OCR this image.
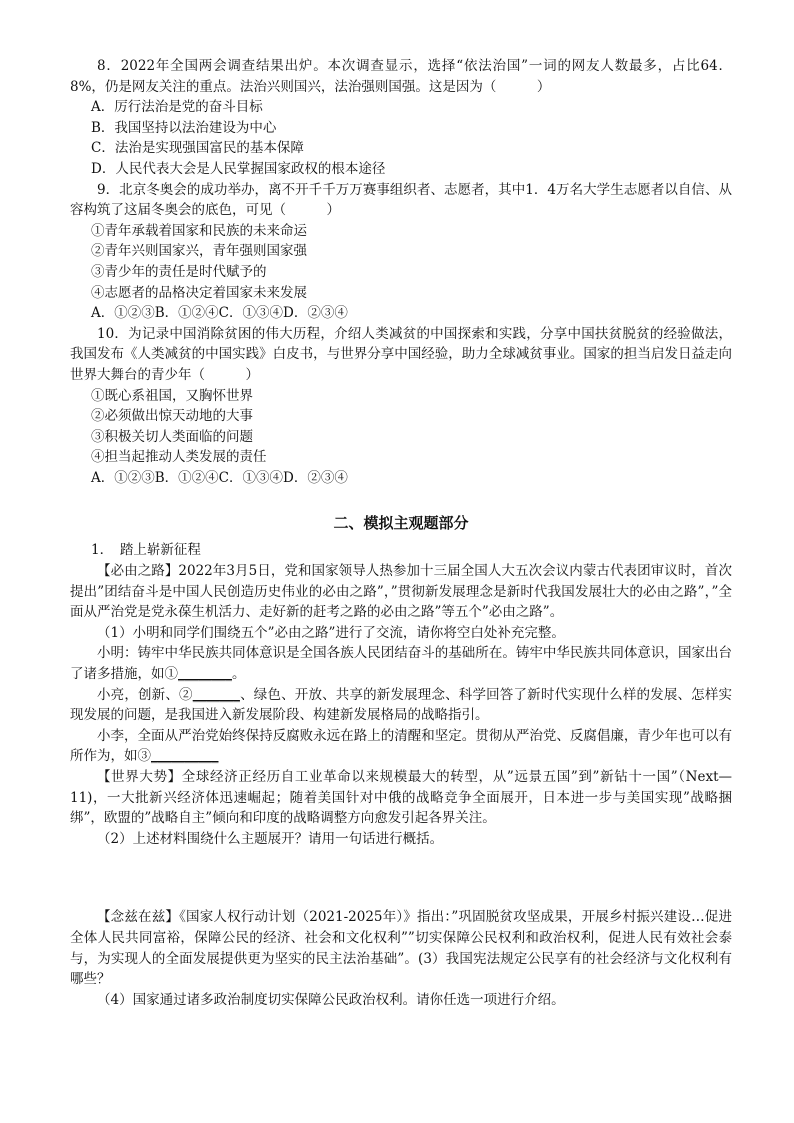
8．2022年全国两会调查结果出炉。本次调查显示，选择“依法治国”一词的网友人数最多，占比64．8%，仍是网友关注的重点。法治兴则国兴，法治强则国强。这是因为（　　　）

A．厉行法治是党的奋斗目标

B．我国坚持以法治建设为中心

C．法治是实现强国富民的基本保障

D．人民代表大会是人民掌握国家政权的根本途径

9．北京冬奥会的成功举办，离不开千千万万赛事组织者、志愿者，其中1．4万名大学生志愿者以自信、从容构筑了这届冬奥会的底色，可见（　　　）

①青年承载着国家和民族的未来命运

②青年兴则国家兴，青年强则国家强

③青少年的责任是时代赋予的

④志愿者的品格决定着国家未来发展

A．①②③B．①②④C．①③④D．②③④

10．为记录中国消除贫困的伟大历程，介绍人类减贫的中国探索和实践，分享中国扶贫脱贫的经验做法，我国发布《人类减贫的中国实践》白皮书，与世界分享中国经验，助力全球减贫事业。国家的担当启发日益走向世界大舞台的青少年（　　　）

①既心系祖国，又胸怀世界

②必须做出惊天动地的大事

③积极关切人类面临的问题

④担当起推动人类发展的责任

A．①②③B．①②④C．①③④D．②③④

二、模拟主观题部分

1．　踏上崭新征程

【必由之路】2022年3月5日，党和国家领导人热参加十三届全国人大五次会议内蒙古代表团审议时，首次提出”团结奋斗是中国人民创造历史伟业的必由之路”，”贯彻新发展理念是新时代我国发展壮大的必由之路”，”全面从严治党是党永葆生机活力、走好新的赶考之路的必由之路”等五个”必由之路”。

（1）小明和同学们围绕五个”必由之路”进行了交流，请你将空白处补充完整。

小明：铸牢中华民族共同体意识是全国各族人民团结奋斗的基础所在。铸牢中华民族共同体意识，国家出台了诸多措施，如①________。

小亮，创新、②_______、绿色、开放、共享的新发展理念、科学回答了新时代实现什么样的发展、怎样实现发展的问题，是我国进入新发展阶段、构建新发展格局的战略指引。

小李，全面从严治党始终保持反腐败永远在路上的清醒和坚定。贯彻从严治党、反腐倡廉，青少年也可以有所作为，如③__________

【世界大势】全球经济正经历自工业革命以来规模最大的转型，从”远景五国”到”新钻十一国”（Next—11)，一大批新兴经济体迅速崛起；随着美国针对中俄的战略竞争全面展开，日本进一步与美国实现”战略捆绑”，欧盟的”战略自主”倾向和印度的战略调整方向愈发引起各界关注。

（2）上述材料围绕什么主题展开？请用一句话进行概括。

【念兹在兹】《国家人权行动计划（2021-2025年）》指出：”巩固脱贫攻坚成果，开展乡村振兴建设…促进全体人民共同富裕，保障公民的经济、社会和文化权利””切实保障公民权利和政治权利，促进人民有效社会泰与，为实现人的全面发展提供更为坚实的民主法治基础”。(3）我国宪法规定公民享有的社会经济与文化权利有哪些？

（4）国家通过诸多政治制度切实保障公民政治权利。请你任选一项进行介绍。
